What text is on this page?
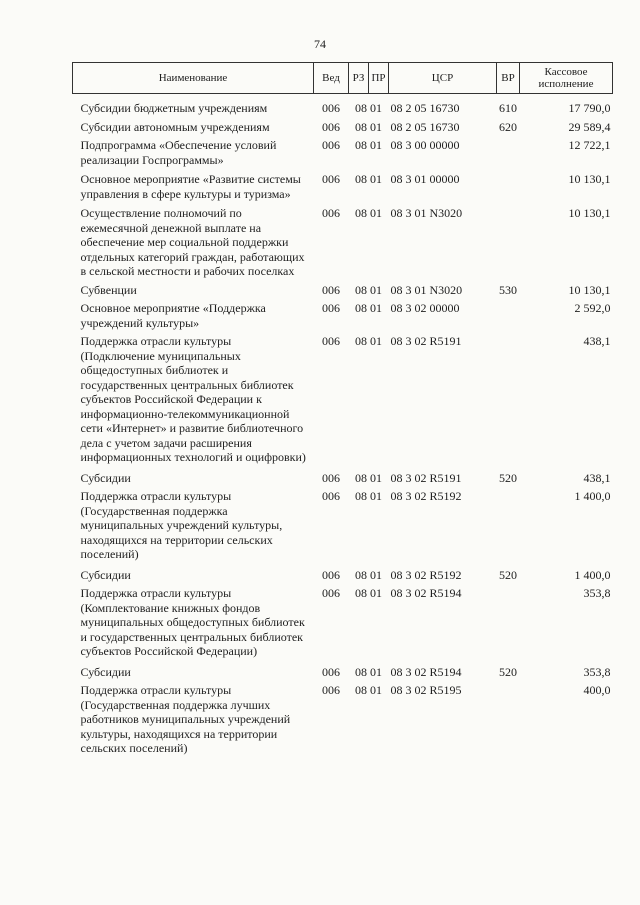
74
Наименование	Вед	РЗ	ПР	ЦСР	ВР	Кассовое
исполнение

Субсидии бюджетным учреждениям	006	08 01		08 2 05 16730	610	17 790,0
Субсидии автономным учреждениям	006	08 01		08 2 05 16730	620	29 589,4
Подпрограмма «Обеспечение условий реализации Госпрограммы»	006	08 01		08 3 00 00000		12 722,1
Основное мероприятие «Развитие системы управления в сфере культуры и туризма»	006	08 01		08 3 01 00000		10 130,1
Осуществление полномочий по ежемесячной денежной выплате на обеспечение мер социальной поддержки отдельных категорий граждан, работающих в сельской местности и рабочих поселках	006	08 01		08 3 01 N3020		10 130,1
Субвенции	006	08 01		08 3 01 N3020	530	10 130,1
Основное мероприятие «Поддержка учреждений культуры»	006	08 01		08 3 02 00000		2 592,0
Поддержка отрасли культуры (Подключение муниципальных общедоступных библиотек и государственных центральных библиотек субъектов Российской Федерации к информационно-телекоммуникационной сети «Интернет» и развитие библиотечного дела с учетом задачи расширения информационных технологий и оцифровки)	006	08 01		08 3 02 R5191		438,1
Субсидии	006	08 01		08 3 02 R5191	520	438,1
Поддержка отрасли культуры (Государственная поддержка муниципальных учреждений культуры, находящихся на территории сельских поселений)	006	08 01		08 3 02 R5192		1 400,0
Субсидии	006	08 01		08 3 02 R5192	520	1 400,0
Поддержка отрасли культуры (Комплектование книжных фондов муниципальных общедоступных библиотек и государственных центральных библиотек субъектов Российской Федерации)	006	08 01		08 3 02 R5194		353,8
Субсидии	006	08 01		08 3 02 R5194	520	353,8
Поддержка отрасли культуры (Государственная поддержка лучших работников муниципальных учреждений культуры, находящихся на территории сельских поселений)	006	08 01		08 3 02 R5195		400,0
